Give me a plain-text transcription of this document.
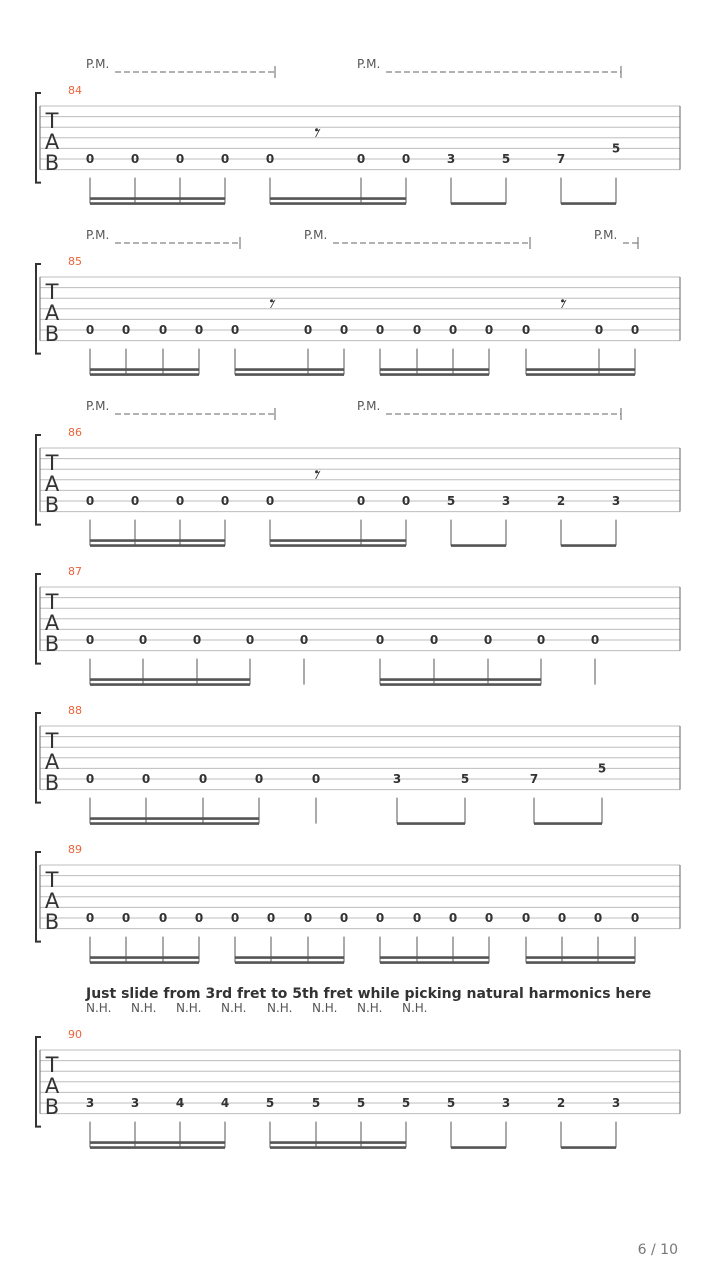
84
T
A
B
P.M.	P.M.
𝄾
0	0	0	0	0	0	0	3	5	7
5
85
T
A
B
P.M.	P.M.	P.M.
𝄾	𝄾
0 0 0 0 0	0 0 0 0 0 0 0	0 0
86
T
A
B
P.M.	P.M.
𝄾
0	0	0	0	0	0	0	5	3	2	3
87
T
A
B 0	0	0	0	0	0	0	0	0	0
88
T
A
B 0	0	0	0	0	3	5	7
5
89
T
A
B 0 0 0 0 0 0 0 0 0 0 0 0 0 0 0 0
90
T
A
B
Just slide from 3rd fret to 5th fret while picking natural harmonics here
N.H. N.H. N.H. N.H. N.H. N.H. N.H. N.H.
3	3	4	4	5	5	5	5	5	3	2	3
6 / 10
